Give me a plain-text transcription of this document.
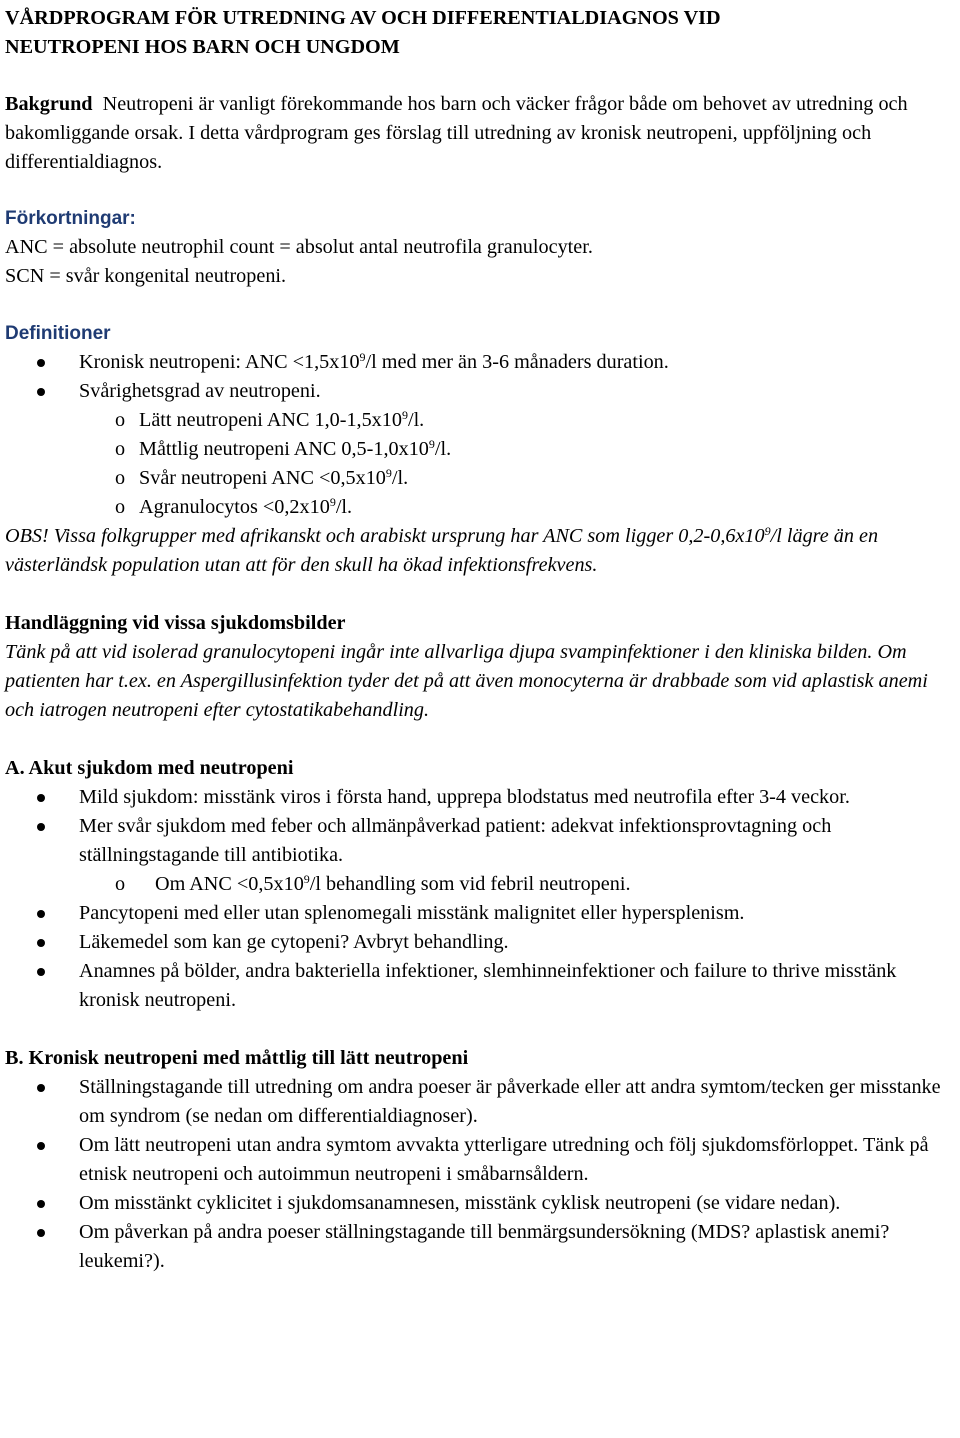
VÅRDPROGRAM FÖR UTREDNING AV OCH DIFFERENTIALDIAGNOS VID
NEUTROPENI HOS BARN OCH UNGDOM

Bakgrund Neutropeni är vanligt förekommande hos barn och väcker frågor både om behovet av utredning och bakomliggande orsak. I detta vårdprogram ges förslag till utredning av kronisk neutropeni, uppföljning och differentialdiagnos.

Förkortningar:
ANC = absolute neutrophil count = absolut antal neutrofila granulocyter.
SCN = svår kongenital neutropeni.
Definitioner
Kronisk neutropeni: ANC $<1,5x10^9/l$ med mer än 3-6 månaders duration.
Svårighetsgrad av neutropeni.
o Lätt neutropeni ANC $1,0-1,5x10^9/l$.
o Måttlig neutropeni ANC $0,5-1,0x10^9/l$.
o Svår neutropeni ANC $<0,5x10^9/l$.
o Agranulocytos $<0,2x10^9/l$.

OBS! Vissa folkgrupper med afrikanskt och arabiskt ursprung har ANC som ligger $0,2-0,6x10^9/l$ lägre än en västerländsk population utan att för den skull ha ökad infektionsfrekvens.

Handläggning vid vissa sjukdomsbilder

Tänk på att vid isolerad granulocytopeni ingår inte allvarliga djupa svampinfektioner i den kliniska bilden. Om patienten har t.ex. en Aspergillusinfektion tyder det på att även monocyterna är drabbade som vid aplastisk anemi och iatrogen neutropeni efter cytostatikabehandling.

A. Akut sjukdom med neutropeni
Mild sjukdom: misstänk viros i första hand, upprepa blodstatus med neutrofila efter 3-4 veckor.
Mer svår sjukdom med feber och allmänpåverkad patient: adekvat infektionsprovtagning och ställningstagande till antibiotika.
o Om ANC $<0,5x10^9/l$ behandling som vid febril neutropeni.
Pancytopeni med eller utan splenomegali misstänk malignitet eller hypersplenism.
Läkemedel som kan ge cytopeni? Avbryt behandling.
Anamnes på bölder, andra bakteriella infektioner, slemhinneinfektioner och failure to thrive misstänk kronisk neutropeni.
B. Kronisk neutropeni med måttlig till lätt neutropeni
Ställningstagande till utredning om andra poeser är påverkade eller att andra symtom/tecken ger misstanke om syndrom (se nedan om differentialdiagnoser).
Om lätt neutropeni utan andra symtom avvakta ytterligare utredning och följ sjukdomsförloppet. Tänk på etnisk neutropeni och autoimmun neutropeni i småbarnsåldern.
Om misstänkt cyklicitet i sjukdomsanamnesen, misstänk cyklisk neutropeni (se vidare nedan).
Om påverkan på andra poeser ställningstagande till benmärgsundersökning (MDS? aplastisk anemi? leukemi?).
